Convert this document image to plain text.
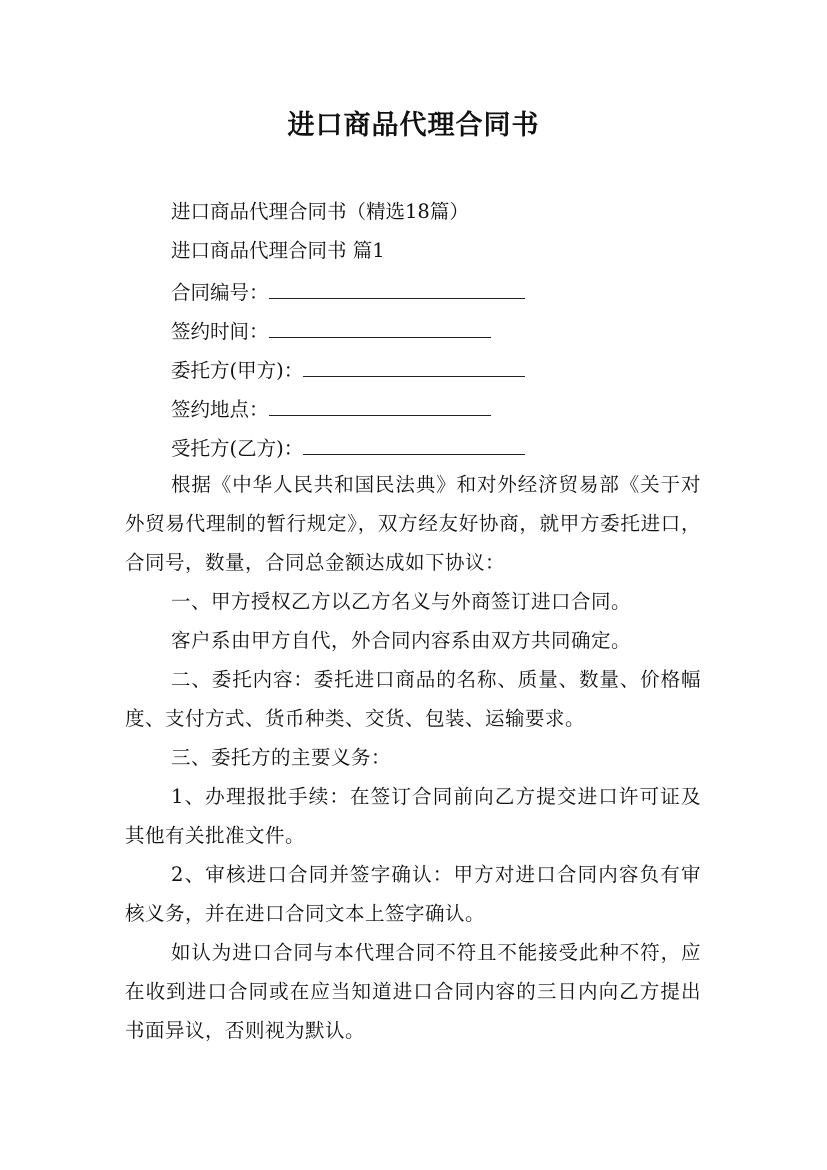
进口商品代理合同书
进口商品代理合同书（精选18篇）
进口商品代理合同书 篇1
合同编号：
签约时间：
委托方(甲方)：
签约地点：
受托方(乙方)：

根据《中华人民共和国民法典》和对外经济贸易部《关于对外贸易代理制的暂行规定》，双方经友好协商，就甲方委托进口，合同号，数量，合同总金额达成如下协议：

一、甲方授权乙方以乙方名义与外商签订进口合同。

客户系由甲方自代，外合同内容系由双方共同确定。

二、委托内容：委托进口商品的名称、质量、数量、价格幅度、支付方式、货币种类、交货、包装、运输要求。

三、委托方的主要义务：

1、办理报批手续：在签订合同前向乙方提交进口许可证及其他有关批准文件。

2、审核进口合同并签字确认：甲方对进口合同内容负有审核义务，并在进口合同文本上签字确认。

如认为进口合同与本代理合同不符且不能接受此种不符，应在收到进口合同或在应当知道进口合同内容的三日内向乙方提出书面异议，否则视为默认。
